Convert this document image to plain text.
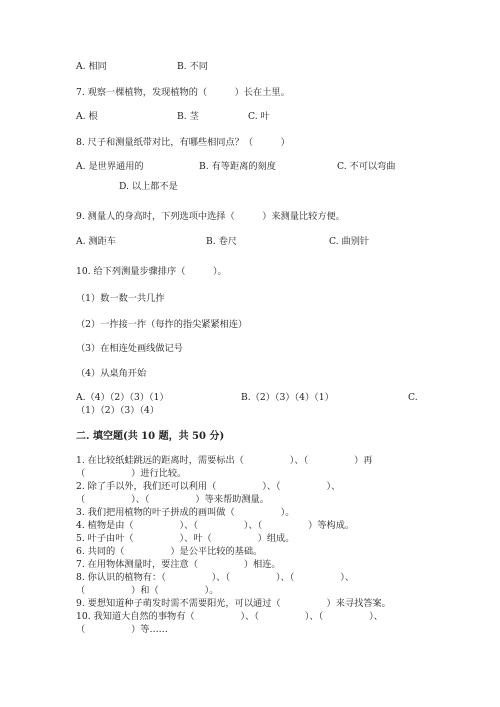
A. 相同	B. 不同
7. 观察一棵植物，发现植物的（　　　）长在土里。
A. 根	B. 茎	C. 叶
8. 尺子和测量纸带对比，有哪些相同点？（　　　）
A. 是世界通用的	B. 有等距离的刻度	C. 不可以弯曲
D. 以上都不是
9. 测量人的身高时，下列选项中选择（　　　）来测量比较方便。
A. 测距车	B. 卷尺	C. 曲别针
10. 给下列测量步骤排序（　　　）。
（1）数一数一共几拃
（2）一拃接一拃（每拃的指尖紧紧相连）
（3）在相连处画线做记号
（4）从桌角开始
A.（4）（2）（3）（1）	B.（2）（3）（4）（1）	C.
（1）（2）（3）（4）
二. 填空题(共 10 题，共 50 分)
1. 在比较纸蛙跳远的距离时，需要标出（　　　　　）、（　　　　　）再
（　　　　　）进行比较。
2. 除了手以外，我们还可以利用（　　　　　）、（　　　　　）、
（　　　　　）、（　　　　　）等来帮助测量。
3. 我们把用植物的叶子拼成的画叫做（　　　　　）。
4. 植物是由（　　　　　）、（　　　　　）、（　　　　　）等构成。
5. 叶子由叶（　　　　　）、叶（　　　　　）组成。
6. 共同的（　　　　　）是公平比较的基础。
7. 在用物体测量时，要注意（　　　　　）相连。
8. 你认识的植物有：（　　　　　）、（　　　　　）、（　　　　　）、
（　　　　　）和（　　　　　）。
9. 要想知道种子萌发时需不需要阳光，可以通过（　　　　　）来寻找答案。
10. 我知道大自然的事物有（　　　　　）、（　　　　　）、（　　　　　）、
（　　　　　）等……
